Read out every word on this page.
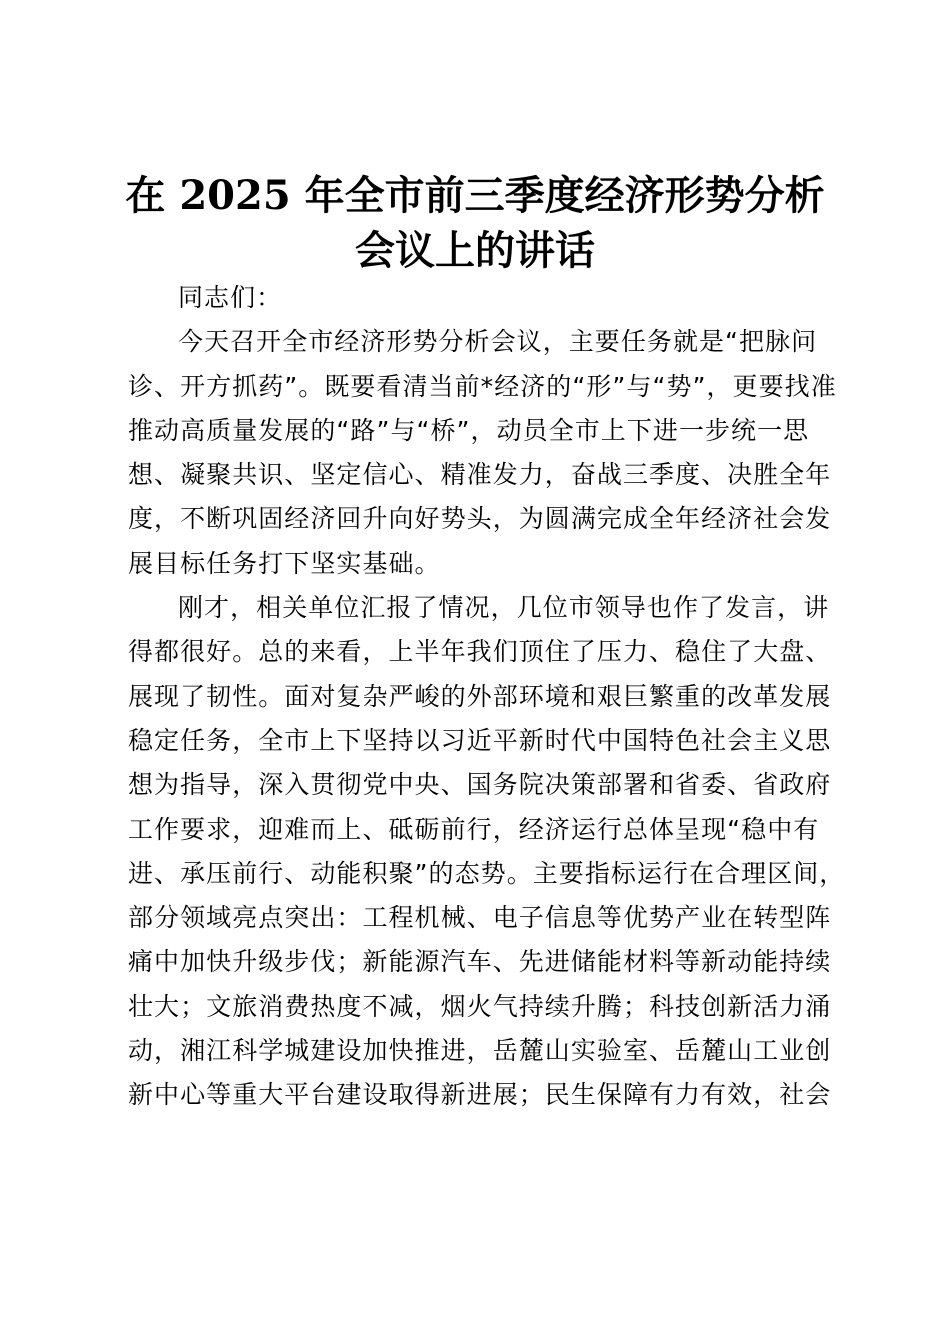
在 2025 年全市前三季度经济形势分析
会议上的讲话
同志们：
今天召开全市经济形势分析会议，主要任务就是“把脉问
诊、开方抓药”。既要看清当前*经济的“形”与“势”，更要找准
推动高质量发展的“路”与“桥”，动员全市上下进一步统一思
想、凝聚共识、坚定信心、精准发力，奋战三季度、决胜全年
度，不断巩固经济回升向好势头，为圆满完成全年经济社会发
展目标任务打下坚实基础。
刚才，相关单位汇报了情况，几位市领导也作了发言，讲
得都很好。总的来看，上半年我们顶住了压力、稳住了大盘、
展现了韧性。面对复杂严峻的外部环境和艰巨繁重的改革发展
稳定任务，全市上下坚持以习近平新时代中国特色社会主义思
想为指导，深入贯彻党中央、国务院决策部署和省委、省政府
工作要求，迎难而上、砥砺前行，经济运行总体呈现“稳中有
进、承压前行、动能积聚”的态势。主要指标运行在合理区间，
部分领域亮点突出：工程机械、电子信息等优势产业在转型阵
痛中加快升级步伐；新能源汽车、先进储能材料等新动能持续
壮大；文旅消费热度不减，烟火气持续升腾；科技创新活力涌
动，湘江科学城建设加快推进，岳麓山实验室、岳麓山工业创
新中心等重大平台建设取得新进展；民生保障有力有效，社会
